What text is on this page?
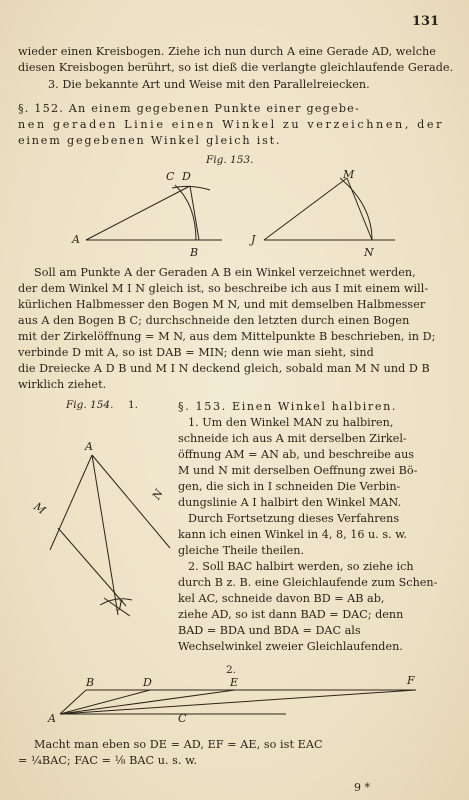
131
wieder einen Kreisbogen. Ziehe ich nun durch A eine Gerade AD, welche
diesen Kreisbogen berührt, so ist dieß die verlangte gleichlaufende Gerade.
3. Die bekannte Art und Weise mit den Parallelreiecken.
§. 152. An einem gegebenen Punkte einer gegebe-
nen geraden Linie einen Winkel zu verzeichnen, der
einem gegebenen Winkel gleich ist.
Fig. 153.
C D
A
B
M
J
N
Soll am Punkte A der Geraden A B ein Winkel verzeichnet werden,
der dem Winkel M I N gleich ist, so beschreibe ich aus I mit einem will-
kürlichen Halbmesser den Bogen M N, und mit demselben Halbmesser
aus A den Bogen B C; durchschneide den letzten durch einen Bogen
mit der Zirkelöffnung = M N, aus dem Mittelpunkte B beschrieben, in D;
verbinde D mit A, so ist DAB = MIN; denn wie man sieht, sind
die Dreiecke A D B und M I N deckend gleich, sobald man M N und D B
wirklich ziehet.
Fig. 154. 1.
A
M
N
J
§. 153. Einen Winkel halbiren.
1. Um den Winkel MAN zu halbiren,
schneide ich aus A mit derselben Zirkel-
öffnung AM = AN ab, und beschreibe aus
M und N mit derselben Oeffnung zwei Bö-
gen, die sich in I schneiden Die Verbin-
dungslinie A I halbirt den Winkel MAN.
Durch Fortsetzung dieses Verfahrens
kann ich einen Winkel in 4, 8, 16 u. s. w.
gleiche Theile theilen.
2. Soll BAC halbirt werden, so ziehe ich
durch B z. B. eine Gleichlaufende zum Schen-
kel AC, schneide davon BD = AB ab,
ziehe AD, so ist dann BAD = DAC; denn
BAD = BDA und BDA = DAC als
Wechselwinkel zweier Gleichlaufenden.
2.
B	D	E	F
A	C
Macht man eben so DE = AD, EF = AE, so ist EAC
= ¼BAC; FAC = ⅛ BAC u. s. w.
9 *
